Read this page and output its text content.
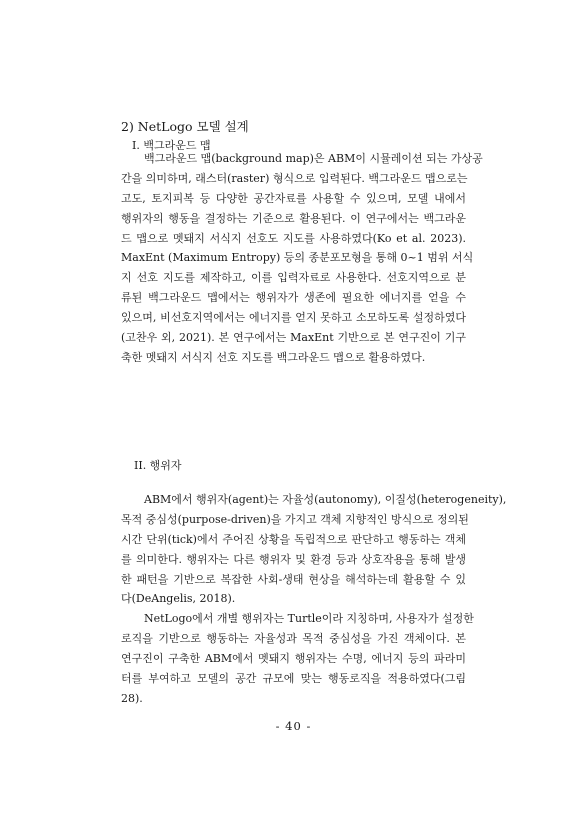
2) NetLogo 모델 설계
I. 백그라운드 맵
백그라운드 맵(background map)은 ABM이 시뮬레이션 되는 가상공
간을 의미하며, 래스터(raster) 형식으로 입력된다. 백그라운드 맵으로는
고도, 토지피복 등 다양한 공간자료를 사용할 수 있으며, 모델 내에서
행위자의 행동을 결정하는 기준으로 활용된다. 이 연구에서는 백그라운
드 맵으로 멧돼지 서식지 선호도 지도를 사용하였다(Ko et al. 2023).
MaxEnt (Maximum Entropy) 등의 종분포모형을 통해 0~1 범위 서식
지 선호 지도를 제작하고, 이를 입력자료로 사용한다. 선호지역으로 분
류된 백그라운드 맵에서는 행위자가 생존에 필요한 에너지를 얻을 수
있으며, 비선호지역에서는 에너지를 얻지 못하고 소모하도록 설정하였다
(고찬우 외, 2021). 본 연구에서는 MaxEnt 기반으로 본 연구진이 기구
축한 멧돼지 서식지 선호 지도를 백그라운드 맵으로 활용하였다.
II. 행위자
ABM에서 행위자(agent)는 자율성(autonomy), 이질성(heterogeneity),
목적 중심성(purpose-driven)을 가지고 객체 지향적인 방식으로 정의된
시간 단위(tick)에서 주어진 상황을 독립적으로 판단하고 행동하는 객체
를 의미한다. 행위자는 다른 행위자 및 환경 등과 상호작용을 통해 발생
한 패턴을 기반으로 복잡한 사회-생태 현상을 해석하는데 활용할 수 있
다(DeAngelis, 2018).
NetLogo에서 개별 행위자는 Turtle이라 지칭하며, 사용자가 설정한
로직을 기반으로 행동하는 자율성과 목적 중심성을 가진 객체이다. 본
연구진이 구축한 ABM에서 멧돼지 행위자는 수명, 에너지 등의 파라미
터를 부여하고 모델의 공간 규모에 맞는 행동로직을 적용하였다(그림
28).
- 40 -
